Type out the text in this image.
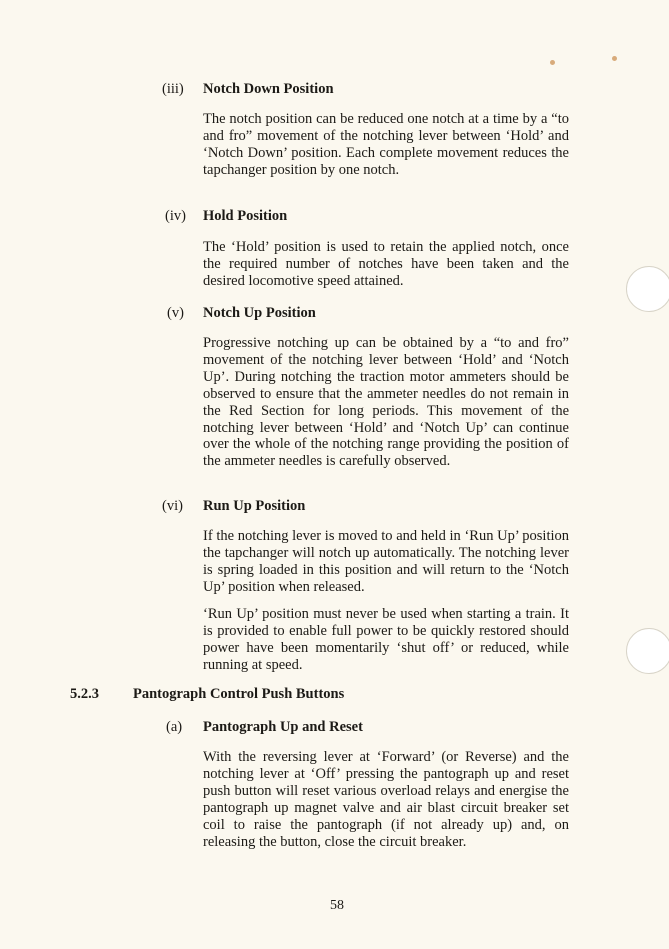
(iii) Notch Down Position
The notch position can be reduced one notch at a time by a “to and fro” movement of the notching lever between ‘Hold’ and ‘Notch Down’ position. Each complete movement reduces the tapchanger position by one notch.
(iv) Hold Position
The ‘Hold’ position is used to retain the applied notch, once the required number of notches have been taken and the desired locomotive speed attained.
(v) Notch Up Position
Progressive notching up can be obtained by a “to and fro” movement of the notching lever between ‘Hold’ and ‘Notch Up’. During notching the traction motor ammeters should be observed to ensure that the ammeter needles do not remain in the Red Section for long periods. This movement of the notching lever between ‘Hold’ and ‘Notch Up’ can continue over the whole of the notching range providing the position of the ammeter needles is carefully observed.
(vi) Run Up Position
If the notching lever is moved to and held in ‘Run Up’ position the tapchanger will notch up automatically. The notching lever is spring loaded in this position and will return to the ‘Notch Up’ position when released.
‘Run Up’ position must never be used when starting a train. It is provided to enable full power to be quickly restored should power have been momentarily ‘shut off’ or reduced, while running at speed.
5.2.3 Pantograph Control Push Buttons
(a) Pantograph Up and Reset
With the reversing lever at ‘Forward’ (or Reverse) and the notching lever at ‘Off’ pressing the pantograph up and reset push button will reset various overload relays and energise the pantograph up magnet valve and air blast circuit breaker set coil to raise the pantograph (if not already up) and, on releasing the button, close the circuit breaker.
58
